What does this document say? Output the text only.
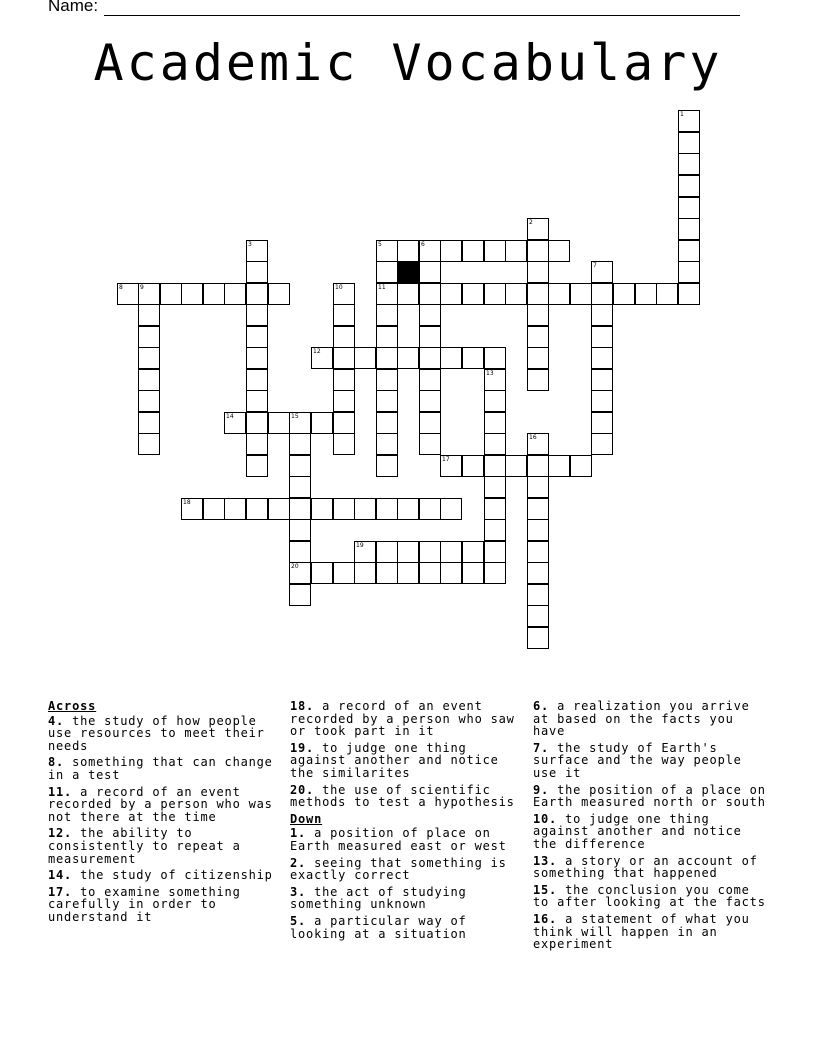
Name:
Academic Vocabulary
1
2
3	5	6
7
8	9	10	11
12
13
14	15
20
16
17
18
19
Across
4. the study of how people use resources to meet their needs
8. something that can change in a test
11. a record of an event recorded by a person who was not there at the time
12. the ability to consistently to repeat a measurement
14. the study of citizenship
17. to examine something carefully in order to understand it
18. a record of an event recorded by a person who saw or took part in it
19. to judge one thing against another and notice the similarites
20. the use of scientific methods to test a hypothesis
Down
1. a position of place on Earth measured east or west
2. seeing that something is exactly correct
3. the act of studying something unknown
5. a particular way of looking at a situation
6. a realization you arrive at based on the facts you have
7. the study of Earth's surface and the way people use it
9. the position of a place on Earth measured north or south
10. to judge one thing against another and notice the difference
13. a story or an account of something that happened
15. the conclusion you come to after looking at the facts
16. a statement of what you think will happen in an experiment
